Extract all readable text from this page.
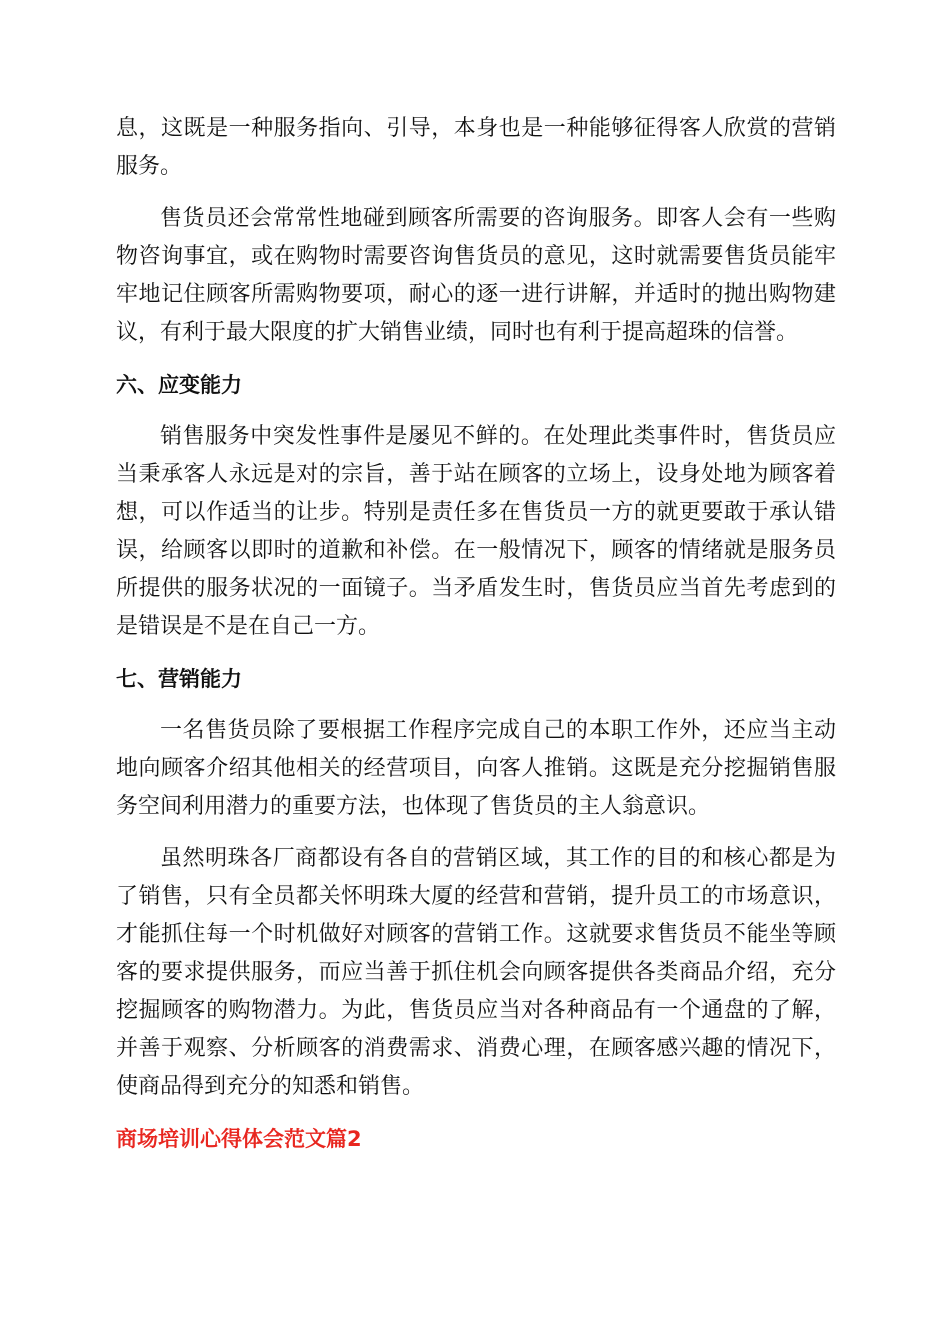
息，这既是一种服务指向、引导，本身也是一种能够征得客人欣赏的营销服务。

售货员还会常常性地碰到顾客所需要的咨询服务。即客人会有一些购物咨询事宜，或在购物时需要咨询售货员的意见，这时就需要售货员能牢牢地记住顾客所需购物要项，耐心的逐一进行讲解，并适时的抛出购物建议，有利于最大限度的扩大销售业绩，同时也有利于提高超珠的信誉。

六、应变能力

销售服务中突发性事件是屡见不鲜的。在处理此类事件时，售货员应当秉承客人永远是对的宗旨，善于站在顾客的立场上，设身处地为顾客着想，可以作适当的让步。特别是责任多在售货员一方的就更要敢于承认错误，给顾客以即时的道歉和补偿。在一般情况下，顾客的情绪就是服务员所提供的服务状况的一面镜子。当矛盾发生时，售货员应当首先考虑到的是错误是不是在自己一方。

七、营销能力

一名售货员除了要根据工作程序完成自己的本职工作外，还应当主动地向顾客介绍其他相关的经营项目，向客人推销。这既是充分挖掘销售服务空间利用潜力的重要方法，也体现了售货员的主人翁意识。

虽然明珠各厂商都设有各自的营销区域，其工作的目的和核心都是为了销售，只有全员都关怀明珠大厦的经营和营销，提升员工的市场意识，才能抓住每一个时机做好对顾客的营销工作。这就要求售货员不能坐等顾客的要求提供服务，而应当善于抓住机会向顾客提供各类商品介绍，充分挖掘顾客的购物潜力。为此，售货员应当对各种商品有一个通盘的了解，并善于观察、分析顾客的消费需求、消费心理，在顾客感兴趣的情况下，使商品得到充分的知悉和销售。

商场培训心得体会范文篇2
